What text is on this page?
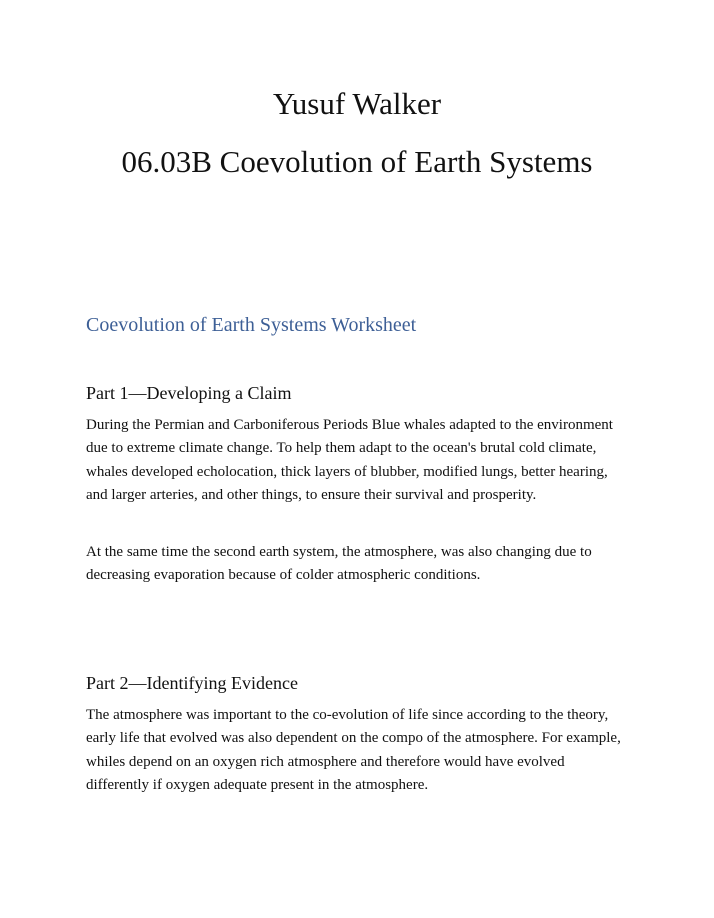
Yusuf Walker
06.03B Coevolution of Earth Systems
Coevolution of Earth Systems Worksheet
Part 1—Developing a Claim

During the Permian and Carboniferous Periods Blue whales adapted to the environment due to extreme climate change. To help them adapt to the ocean's brutal cold climate, whales developed echolocation, thick layers of blubber, modified lungs, better hearing, and larger arteries, and other things, to ensure their survival and prosperity.

At the same time the second earth system, the atmosphere, was also changing due to decreasing evaporation because of colder atmospheric conditions.

Part 2—Identifying Evidence

The atmosphere was important to the co-evolution of life since according to the theory, early life that evolved was also dependent on the compo of the atmosphere. For example, whiles depend on an oxygen rich atmosphere and therefore would have evolved differently if oxygen adequate present in the atmosphere.
